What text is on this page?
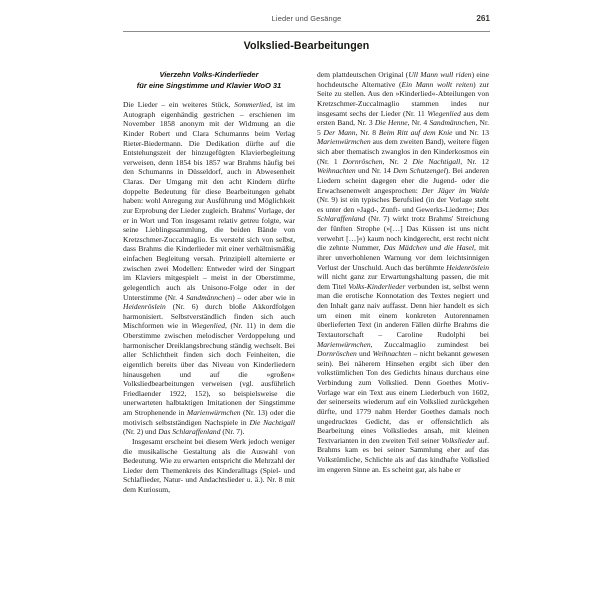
Lieder und Gesänge	261
Volkslied-Bearbeitungen
Vierzehn Volks-Kinderlieder
für eine Singstimme und Klavier WoO 31

Die Lieder – ein weiteres Stück, Sommerlied, ist im Autograph eigenhändig gestrichen – erschienen im November 1858 anonym mit der Widmung an die Kinder Robert und Clara Schumanns beim Verlag Rieter-Biedermann. Die Dedikation dürfte auf die Entstehungszeit der hinzugefügten Klavierbegleitung verweisen, denn 1854 bis 1857 war Brahms häufig bei den Schumanns in Düsseldorf, auch in Abwesenheit Claras. Der Umgang mit den acht Kindern dürfte doppelte Bedeutung für diese Bearbeitungen gehabt haben: wohl Anregung zur Ausführung und Möglichkeit zur Erprobung der Lieder zugleich. Brahms' Vorlage, der er in Wort und Ton insgesamt relativ getreu folgte, war seine Lieblingssammlung, die beiden Bände von Kretzschmer-Zuccalmaglio. Es versteht sich von selbst, dass Brahms die Kinderlieder mit einer verhältnismäßig einfachen Begleitung versah. Prinzipiell alternierte er zwischen zwei Modellen: Entweder wird der Singpart im Klaviers mitgespielt – meist in der Oberstimme, gelegentlich auch als Unisono-Folge oder in der Unterstimme (Nr. 4 Sandmännchen) – oder aber wie in Heidenröslein (Nr. 6) durch bloße Akkordfolgen harmonisiert. Selbstverständlich finden sich auch Mischformen wie in Wiegenlied, (Nr. 11) in dem die Oberstimme zwischen melodischer Verdoppelung und harmonischer Dreiklangsbrechung ständig wechselt. Bei aller Schlichtheit finden sich doch Feinheiten, die eigentlich bereits über das Niveau von Kinderliedern hinausgehen und auf die »großen« Volksliedbearbeitungen verweisen (vgl. ausführlich Friedlaender 1922, 152), so beispielsweise die unerwarteten halbtaktigen Imitationen der Singstimme am Strophenende in Marienwürmchen (Nr. 13) oder die motivisch selbstständigen Nachspiele in Die Nachtigall (Nr. 2) und Das Schlaraffenland (Nr. 7).

Insgesamt erscheint bei diesem Werk jedoch weniger die musikalische Gestaltung als die Auswahl von Bedeutung. Wie zu erwarten entspricht die Mehrzahl der Lieder dem Themenkreis des Kinderalltags (Spiel- und Schlaflieder, Natur- und Andachtslieder u. ä.). Nr. 8 mit dem Kuriosum,

dem plattdeutschen Original (Ull Mann wull riden) eine hochdeutsche Alternative (Ein Mann wollt reiten) zur Seite zu stellen. Aus den »Kinderlied«-Abteilungen von Kretzschmer-Zuccalmaglio stammen indes nur insgesamt sechs der Lieder (Nr. 11 Wiegenlied aus dem ersten Band, Nr. 3 Die Henne, Nr. 4 Sandmännchen, Nr. 5 Der Mann, Nr. 8 Beim Ritt auf dem Knie und Nr. 13 Marienwürmchen aus dem zweiten Band), weitere fügen sich aber thematisch zwanglos in den Kinderkosmos ein (Nr. 1 Dornröschen, Nr. 2 Die Nachtigall, Nr. 12 Weihnachten und Nr. 14 Dem Schutzengel). Bei anderen Liedern scheint dagegen eher die Jugend- oder die Erwachsenenwelt angesprochen: Der Jäger im Walde (Nr. 9) ist ein typisches Berufslied (in der Vorlage steht es unter den »Jagd-, Zunft- und Gewerks-Liedern«; Das Schlaraffenland (Nr. 7) wirkt trotz Brahms' Streichung der fünften Strophe (»[…] Das Küssen ist uns nicht verwehrt […]«) kaum noch kindgerecht, erst recht nicht die zehnte Nummer, Das Mädchen und die Hasel, mit ihrer unverhohlenen Warnung vor dem leichtsinnigen Verlust der Unschuld. Auch das berühmte Heidenröslein will nicht ganz zur Erwartungshaltung passen, die mit dem Titel Volks-Kinderlieder verbunden ist, selbst wenn man die erotische Konnotation des Textes negiert und den Inhalt ganz naiv auffasst. Denn hier handelt es sich um einen mit einem konkreten Autorennamen überlieferten Text (in anderen Fällen dürfte Brahms die Textautorschaft – Caroline Rudolphi bei Marienwürmchen, Zuccalmaglio zumindest bei Dornröschen und Weihnachten – nicht bekannt gewesen sein). Bei näherem Hinsehen ergibt sich über den volkstümlichen Ton des Gedichts hinaus durchaus eine Verbindung zum Volkslied. Denn Goethes Motiv-Vorlage war ein Text aus einem Liederbuch von 1602, der seinerseits wiederum auf ein Volkslied zurückgehen dürfte, und 1779 nahm Herder Goethes damals noch ungedrucktes Gedicht, das er offensichtlich als Bearbeitung eines Volksliedes ansah, mit kleinen Textvarianten in den zweiten Teil seiner Volkslieder auf. Brahms kam es bei seiner Sammlung eher auf das Volkstümliche, Schlichte als auf das kindhafte Volkslied im engeren Sinne an. Es scheint gar, als habe er
